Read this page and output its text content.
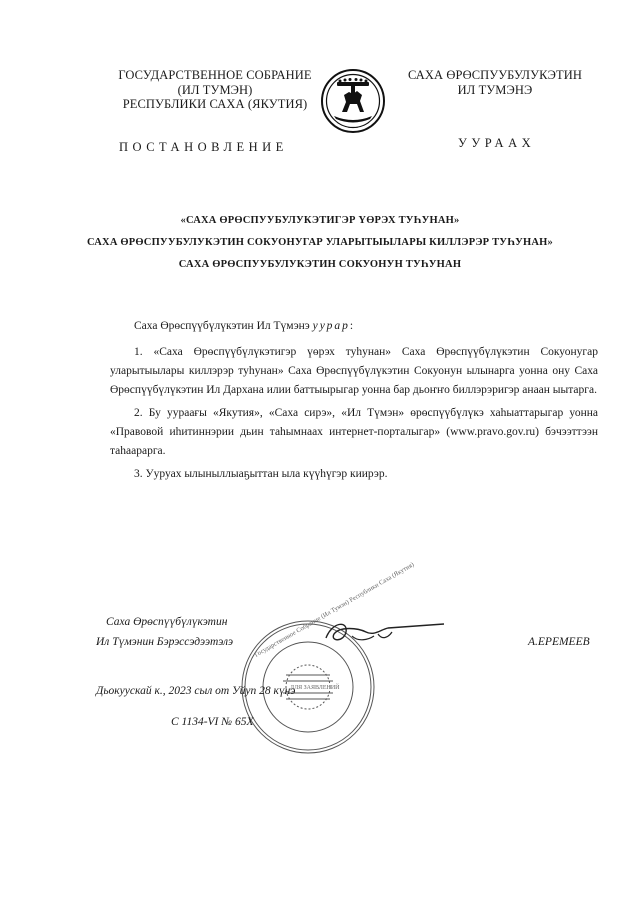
ГОСУДАРСТВЕННОЕ СОБРАНИЕ
(ИЛ ТУМЭН)
РЕСПУБЛИКИ САХА (ЯКУТИЯ)
САХА ӨРӨСПУУБУЛУКЭТИН
ИЛ ТУМЭНЭ
ПОСТАНОВЛЕНИЕ	УУРААХ
«САХА ӨРӨСПУУБУЛУКЭТИГЭР ҮӨРЭХ ТУҺУНАН»
САХА ӨРӨСПУУБУЛУКЭТИН СОКУОНУГАР УЛАРЫТЫЫЛАРЫ КИЛЛЭРЭР ТУҺУНАН»
САХА ӨРӨСПУУБУЛУКЭТИН СОКУОНУН ТУҺУНАН
Саха Өрөспүүбүлүкэтин Ил Түмэнэ уурар:

1. «Саха Өрөспүүбүлүкэтигэр үөрэх туһунан» Саха Өрөспүүбүлүкэтин Сокуонугар уларытыылары киллэрэр туһунан» Саха Өрөспүүбүлүкэтин Сокуонун ылынарга уонна ону Саха Өрөспүүбүлүкэтин Ил Дархана илии баттыырыгар уонна бар дьоҥҥо биллэрэригэр анаан ыытарга.

2. Бу уураағы «Якутия», «Саха сирэ», «Ил Түмэн» өрөспүүбүлүкэ хаһыаттарыгар уонна «Правовой иһитиннэрии дьин таһымнаах интернет-порталыгар» (www.pravo.gov.ru) бэчээттээн таһаарарга.

3. Ууруах ылыныллыаҕыттан ыла күүһүгэр киирэр.

Государственное Собрание (Ил Тумэн) Республики Саха (Якутия)
ДЛЯ ЗАЯВЛЕНИЙ
Саха Өрөспүүбүлүкэтин
Ил Түмэнин Бэрэссэдээтэлэ	А.ЕРЕМЕЕВ
Дьокуускай к., 2023 сыл от Уйуп 28 күнэ
С 1134-VI № 65X
